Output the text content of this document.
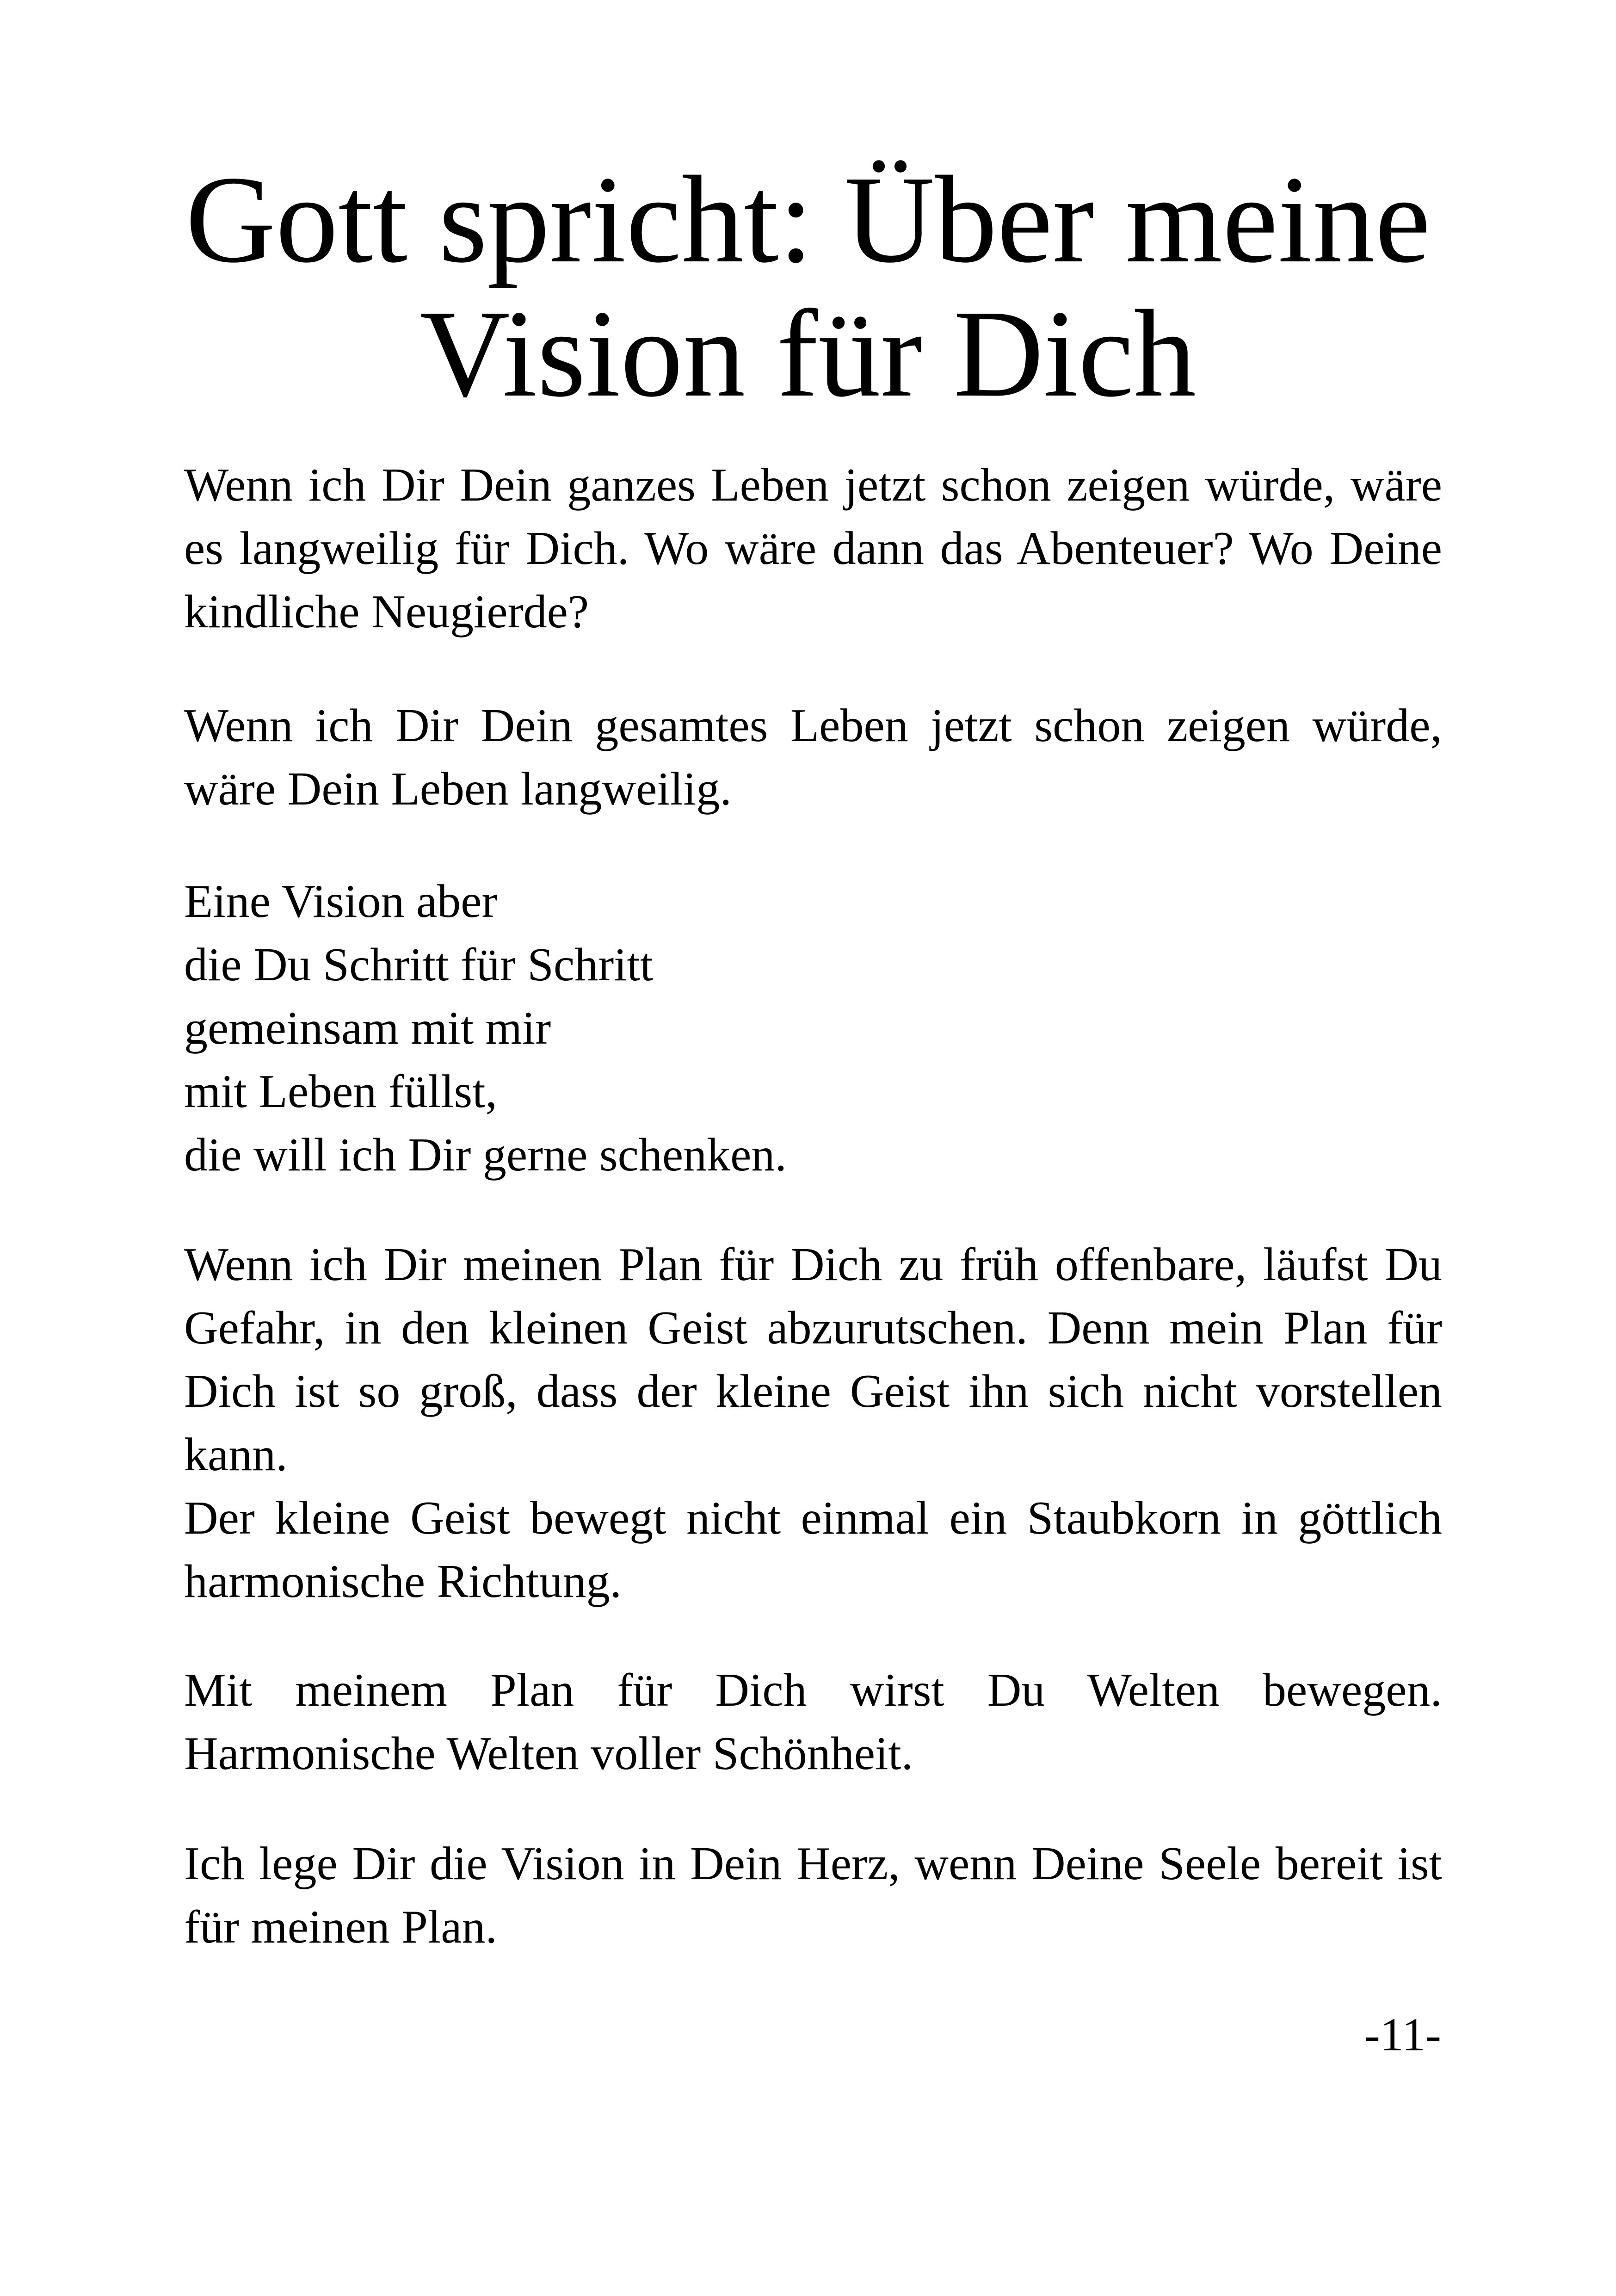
Gott spricht: Über meine
Vision für Dich

Wenn ich Dir Dein ganzes Leben jetzt schon zeigen würde, wäre
es langweilig für Dich. Wo wäre dann das Abenteuer? Wo Deine
kindliche Neugierde?

Wenn ich Dir Dein gesamtes Leben jetzt schon zeigen würde,
wäre Dein Leben langweilig.

Eine Vision aber
die Du Schritt für Schritt
gemeinsam mit mir
mit Leben füllst,
die will ich Dir gerne schenken.

Wenn ich Dir meinen Plan für Dich zu früh offenbare, läufst Du
Gefahr, in den kleinen Geist abzurutschen. Denn mein Plan für
Dich ist so groß, dass der kleine Geist ihn sich nicht vorstellen
kann.
Der kleine Geist bewegt nicht einmal ein Staubkorn in göttlich
harmonische Richtung.

Mit meinem Plan für Dich wirst Du Welten bewegen.
Harmonische Welten voller Schönheit.

Ich lege Dir die Vision in Dein Herz, wenn Deine Seele bereit ist
für meinen Plan.

-11-
